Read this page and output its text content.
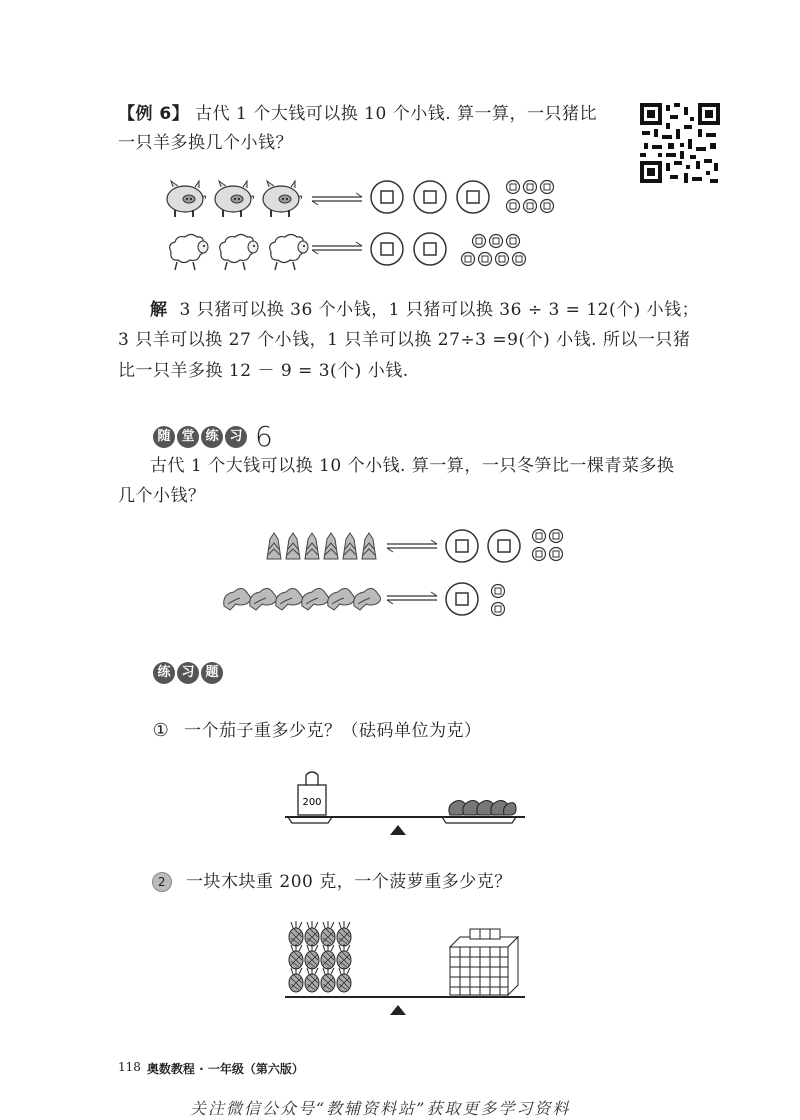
【例 6】 古代 1 个大钱可以换 10 个小钱. 算一算，一只猪比
一只羊多换几个小钱？
解 3 只猪可以换 36 个小钱，1 只猪可以换 36 ÷ 3 = 12(个) 小钱；
3 只羊可以换 27 个小钱，1 只羊可以换 27÷3 =9(个) 小钱. 所以一只猪
比一只羊多换 12 － 9 = 3(个) 小钱.
随 堂 练 习 6
古代 1 个大钱可以换 10 个小钱. 算一算，一只冬笋比一棵青菜多换
几个小钱？
练 习 题
① 一个茄子重多少克？（砝码单位为克）
200
2	一块木块重 200 克，一个菠萝重多少克？
118 奥数教程 · 一年级（第六版）
关注微信公众号“教辅资料站”获取更多学习资料
